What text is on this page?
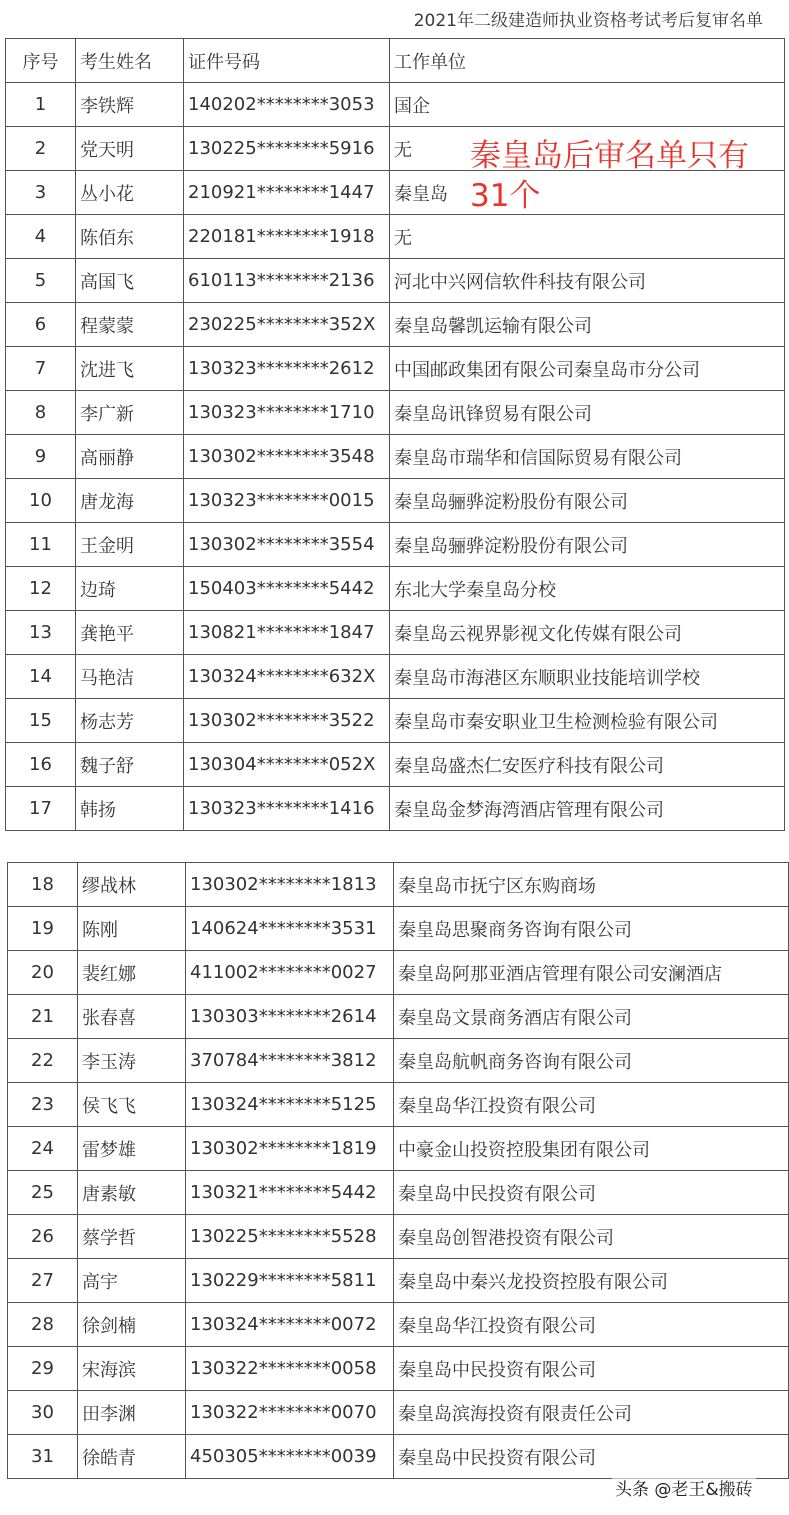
2021年二级建造师执业资格考试考后复审名单
序号	考生姓名	证件号码	工作单位
1	李铁辉	140202********3053	国企
2	党天明	130225********5916	无
3	丛小花	210921********1447	秦皇岛
4	陈佰东	220181********1918	无
5	高国飞	610113********2136	河北中兴网信软件科技有限公司
6	程蒙蒙	230225********352X	秦皇岛馨凯运输有限公司
7	沈进飞	130323********2612	中国邮政集团有限公司秦皇岛市分公司
8	李广新	130323********1710	秦皇岛讯锋贸易有限公司
9	高丽静	130302********3548	秦皇岛市瑞华和信国际贸易有限公司
10	唐龙海	130323********0015	秦皇岛骊骅淀粉股份有限公司
11	王金明	130302********3554	秦皇岛骊骅淀粉股份有限公司
12	边琦	150403********5442	东北大学秦皇岛分校
13	龚艳平	130821********1847	秦皇岛云视界影视文化传媒有限公司
14	马艳洁	130324********632X	秦皇岛市海港区东顺职业技能培训学校
15	杨志芳	130302********3522	秦皇岛市秦安职业卫生检测检验有限公司
16	魏子舒	130304********052X	秦皇岛盛杰仁安医疗科技有限公司
17	韩扬	130323********1416	秦皇岛金梦海湾酒店管理有限公司
18	缪战林	130302********1813	秦皇岛市抚宁区东购商场
19	陈刚	140624********3531	秦皇岛思聚商务咨询有限公司
20	裴红娜	411002********0027	秦皇岛阿那亚酒店管理有限公司安澜酒店
21	张春喜	130303********2614	秦皇岛文景商务酒店有限公司
22	李玉涛	370784********3812	秦皇岛航帆商务咨询有限公司
23	侯飞飞	130324********5125	秦皇岛华江投资有限公司
24	雷梦雄	130302********1819	中豪金山投资控股集团有限公司
25	唐素敏	130321********5442	秦皇岛中民投资有限公司
26	蔡学哲	130225********5528	秦皇岛创智港投资有限公司
27	高宇	130229********5811	秦皇岛中秦兴龙投资控股有限公司
28	徐剑楠	130324********0072	秦皇岛华江投资有限公司
29	宋海滨	130322********0058	秦皇岛中民投资有限公司
30	田李渊	130322********0070	秦皇岛滨海投资有限责任公司
31	徐皓青	450305********0039	秦皇岛中民投资有限公司
秦皇岛后审名单只有
31个
头条 @老王&搬砖
